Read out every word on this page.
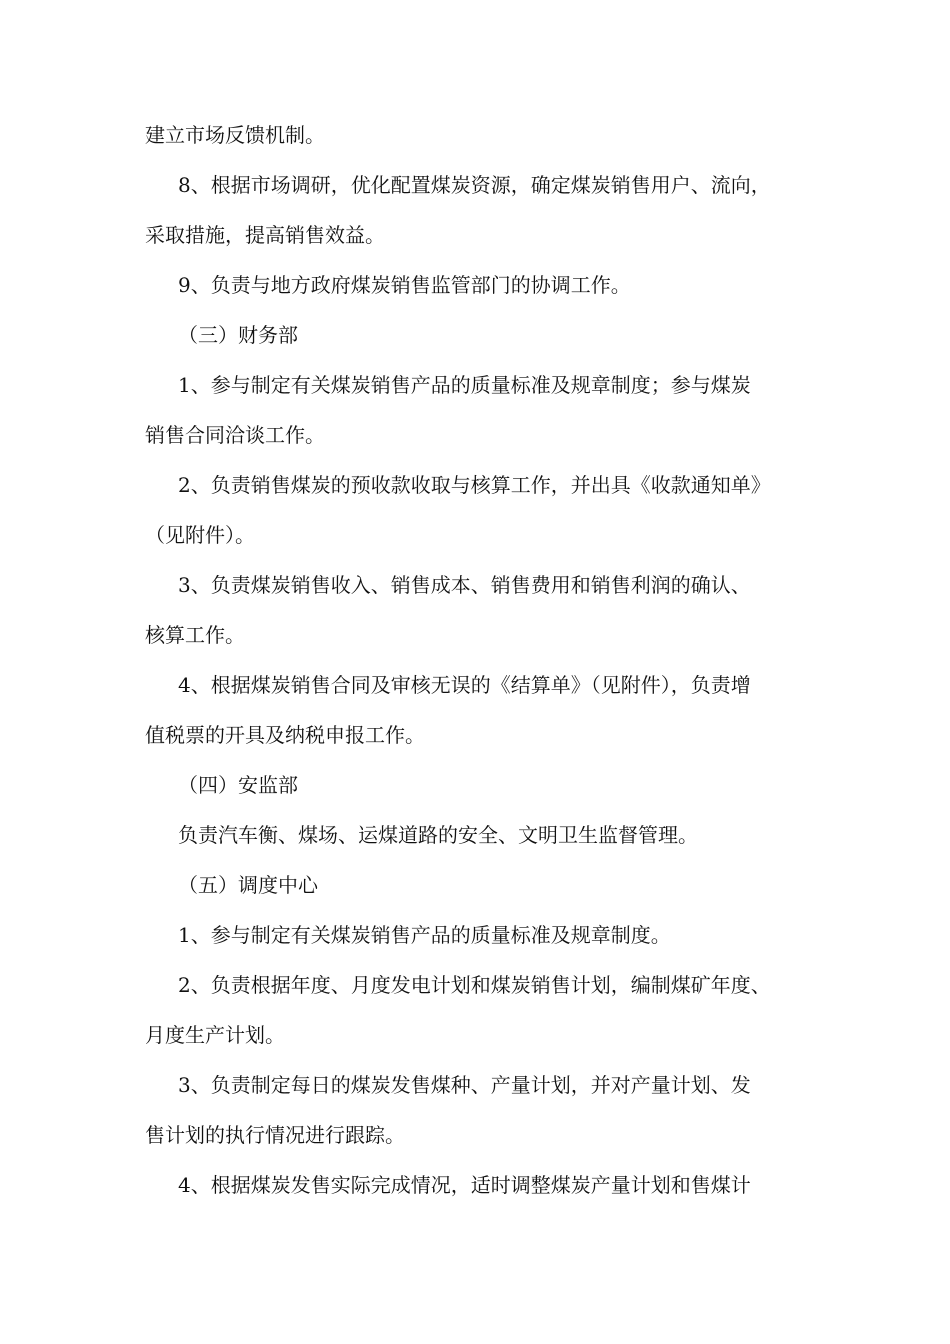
建立市场反馈机制。
8、根据市场调研，优化配置煤炭资源，确定煤炭销售用户、流向，
采取措施，提高销售效益。
9、负责与地方政府煤炭销售监管部门的协调工作。
（三）财务部
1、参与制定有关煤炭销售产品的质量标准及规章制度；参与煤炭
销售合同洽谈工作。
2、负责销售煤炭的预收款收取与核算工作，并出具《收款通知单》
（见附件）。
3、负责煤炭销售收入、销售成本、销售费用和销售利润的确认、
核算工作。
4、根据煤炭销售合同及审核无误的《结算单》（见附件），负责增
值税票的开具及纳税申报工作。
（四）安监部
负责汽车衡、煤场、运煤道路的安全、文明卫生监督管理。
（五）调度中心
1、参与制定有关煤炭销售产品的质量标准及规章制度。
2、负责根据年度、月度发电计划和煤炭销售计划，编制煤矿年度、
月度生产计划。
3、负责制定每日的煤炭发售煤种、产量计划，并对产量计划、发
售计划的执行情况进行跟踪。
4、根据煤炭发售实际完成情况，适时调整煤炭产量计划和售煤计
